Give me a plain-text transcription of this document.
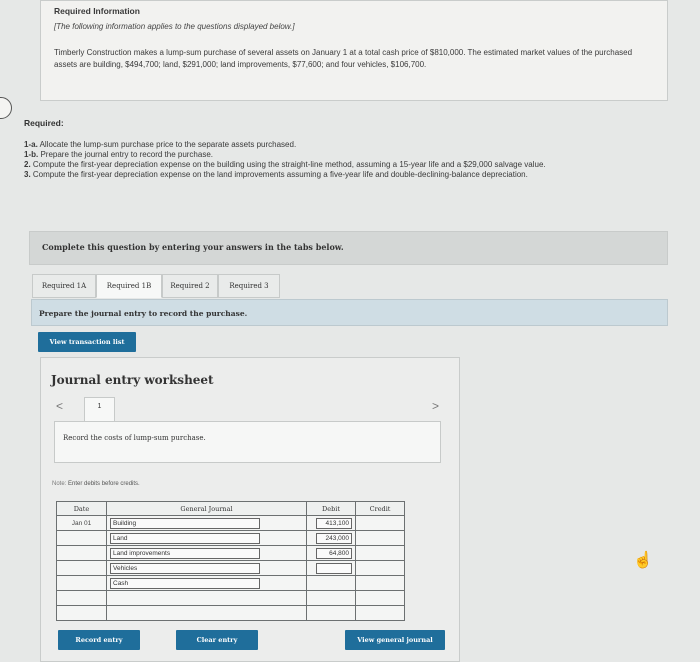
Required Information
[The following information applies to the questions displayed below.]
Timberly Construction makes a lump-sum purchase of several assets on January 1 at a total cash price of $810,000. The estimated market values of the purchased assets are building, $494,700; land, $291,000; land improvements, $77,600; and four vehicles, $106,700.
Required:
1-a. Allocate the lump-sum purchase price to the separate assets purchased.
1-b. Prepare the journal entry to record the purchase.
2. Compute the first-year depreciation expense on the building using the straight-line method, assuming a 15-year life and a $29,000 salvage value.
3. Compute the first-year depreciation expense on the land improvements assuming a five-year life and double-declining-balance depreciation.
Complete this question by entering your answers in the tabs below.
Required 1A	Required 1B	Required 2	Required 3
Prepare the journal entry to record the purchase.
View transaction list
Journal entry worksheet
<	>
1
Record the costs of lump-sum purchase.
Note: Enter debits before credits.
Date	General Journal	Debit	Credit
Jan 01	Building	413,100	

	Land	243,000	

	Land improvements	64,800	

	Vehicles		

	Cash		

Record entry	Clear entry	View general journal
☝
